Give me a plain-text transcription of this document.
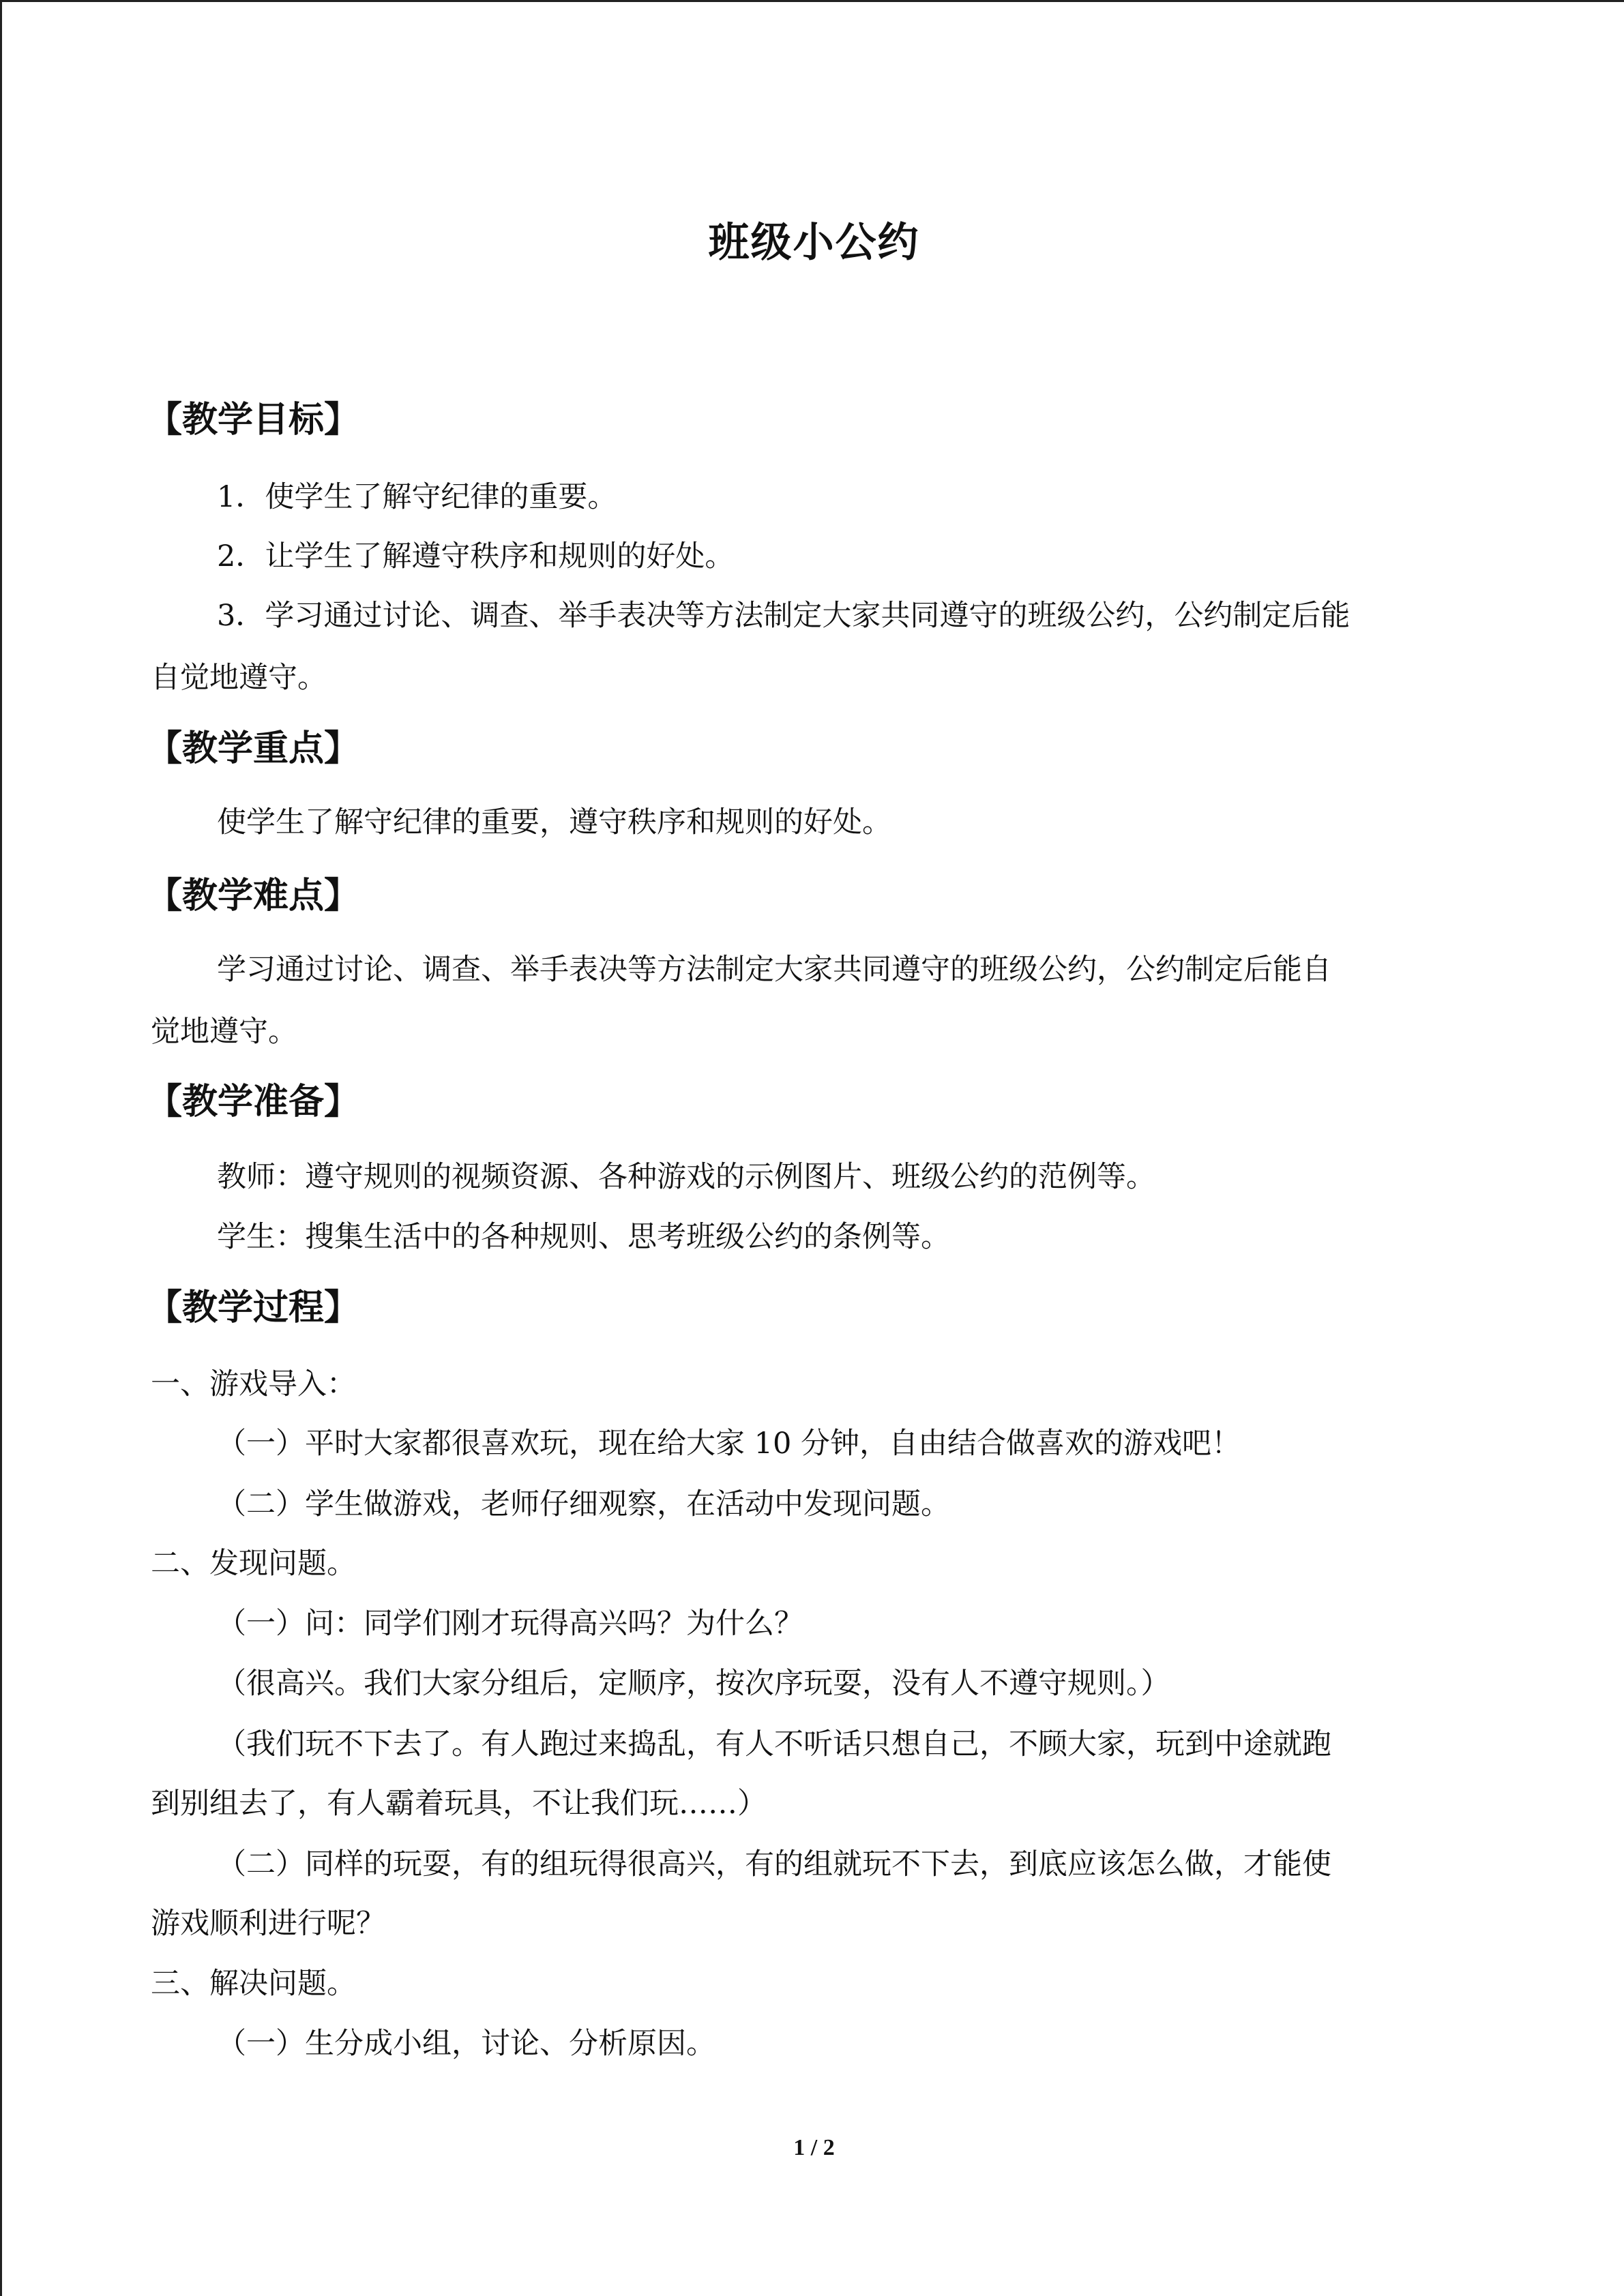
班级小公约
【教学目标】
1．使学生了解守纪律的重要。
2．让学生了解遵守秩序和规则的好处。
3．学习通过讨论、调查、举手表决等方法制定大家共同遵守的班级公约，公约制定后能
自觉地遵守。
【教学重点】
使学生了解守纪律的重要，遵守秩序和规则的好处。
【教学难点】
学习通过讨论、调查、举手表决等方法制定大家共同遵守的班级公约，公约制定后能自
觉地遵守。
【教学准备】
教师：遵守规则的视频资源、各种游戏的示例图片、班级公约的范例等。
学生：搜集生活中的各种规则、思考班级公约的条例等。
【教学过程】
一、游戏导入：
（一）平时大家都很喜欢玩，现在给大家 10 分钟，自由结合做喜欢的游戏吧！
（二）学生做游戏，老师仔细观察，在活动中发现问题。
二、发现问题。
（一）问：同学们刚才玩得高兴吗？为什么？
（很高兴。我们大家分组后，定顺序，按次序玩耍，没有人不遵守规则。）
（我们玩不下去了。有人跑过来捣乱，有人不听话只想自己，不顾大家，玩到中途就跑
到别组去了，有人霸着玩具，不让我们玩……）
（二）同样的玩耍，有的组玩得很高兴，有的组就玩不下去，到底应该怎么做，才能使
游戏顺利进行呢？
三、解决问题。
（一）生分成小组，讨论、分析原因。
1 / 2
